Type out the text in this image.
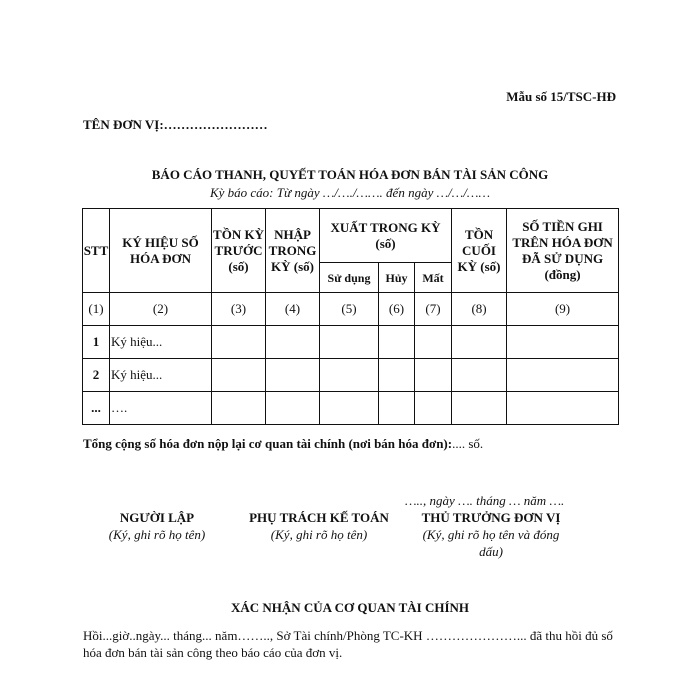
Mẫu số 15/TSC-HĐ
TÊN ĐƠN VỊ:……………………
BÁO CÁO THANH, QUYẾT TOÁN HÓA ĐƠN BÁN TÀI SẢN CÔNG
Kỳ báo cáo: Từ ngày …/…./……. đến ngày …/…/……
STT	KÝ HIỆU SỐ HÓA ĐƠN	TỒN KỲ TRƯỚC (số)	NHẬP TRONG KỲ (số)	XUẤT TRONG KỲ (số)			TỒN CUỐI KỲ (số)	SỐ TIỀN GHI TRÊN HÓA ĐƠN ĐÃ SỬ DỤNG (đồng)
				Sử dụng	Hủy	Mất		
(1)	(2)	(3)	(4)	(5)	(6)	(7)	(8)	(9)
1	Ký hiệu...							
2	Ký hiệu...							
...	….							
Tổng cộng số hóa đơn nộp lại cơ quan tài chính (nơi bán hóa đơn):.... số.
….., ngày …. tháng … năm ….
NGƯỜI LẬP
(Ký, ghi rõ họ tên)
PHỤ TRÁCH KẾ TOÁN
(Ký, ghi rõ họ tên)
THỦ TRƯỞNG ĐƠN VỊ
(Ký, ghi rõ họ tên và đóng dấu)
XÁC NHẬN CỦA CƠ QUAN TÀI CHÍNH
Hồi...giờ..ngày... tháng... năm…….., Sở Tài chính/Phòng TC-KH …………………... đã thu hồi đủ số hóa đơn bán tài sản công theo báo cáo của đơn vị.
